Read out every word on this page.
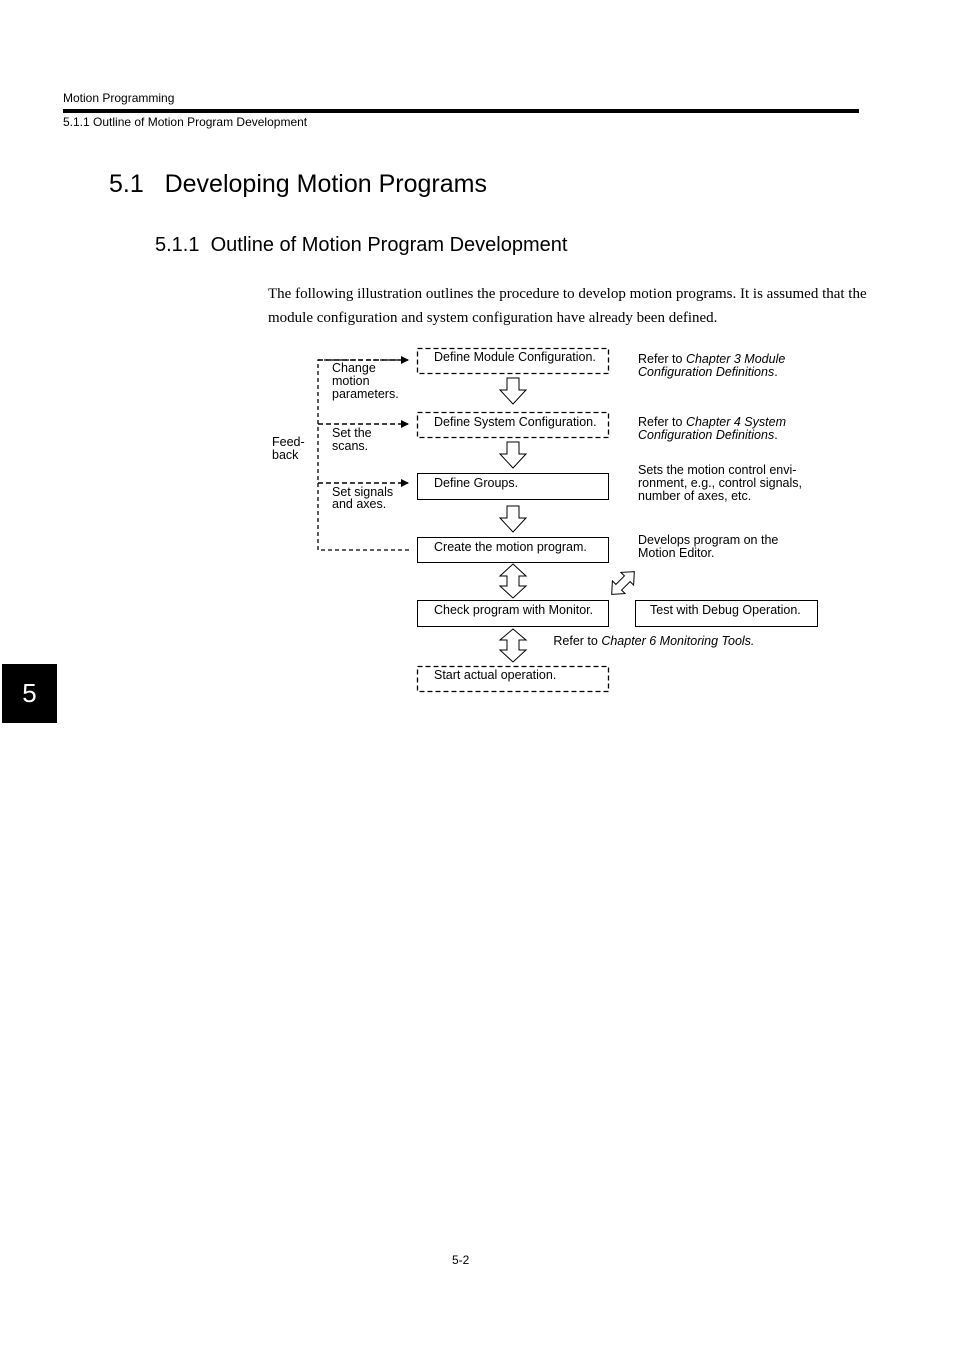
Motion Programming
5.1.1 Outline of Motion Program Development
5.1   Developing Motion Programs
5.1.1  Outline of Motion Program Development
The following illustration outlines the procedure to develop motion programs. It is assumed that the module configuration and system configuration have already been defined.
Define Module Configuration.
Define System Configuration.
Define Groups.
Create the motion program.
Check program with Monitor.	Test with Debug Operation.
Start actual operation.
Feed-     back
Change motion parameters.
Set the scans.
Set signals and axes.
Refer to Chapter 3 Module Configuration Definitions.
Refer to Chapter 4 System Configuration Definitions.
Sets the motion control envi-     ronment, e.g., control signals, number of axes, etc.
Develops program on the Motion Editor.
Refer to Chapter 6 Monitoring Tools.
5
5-2
